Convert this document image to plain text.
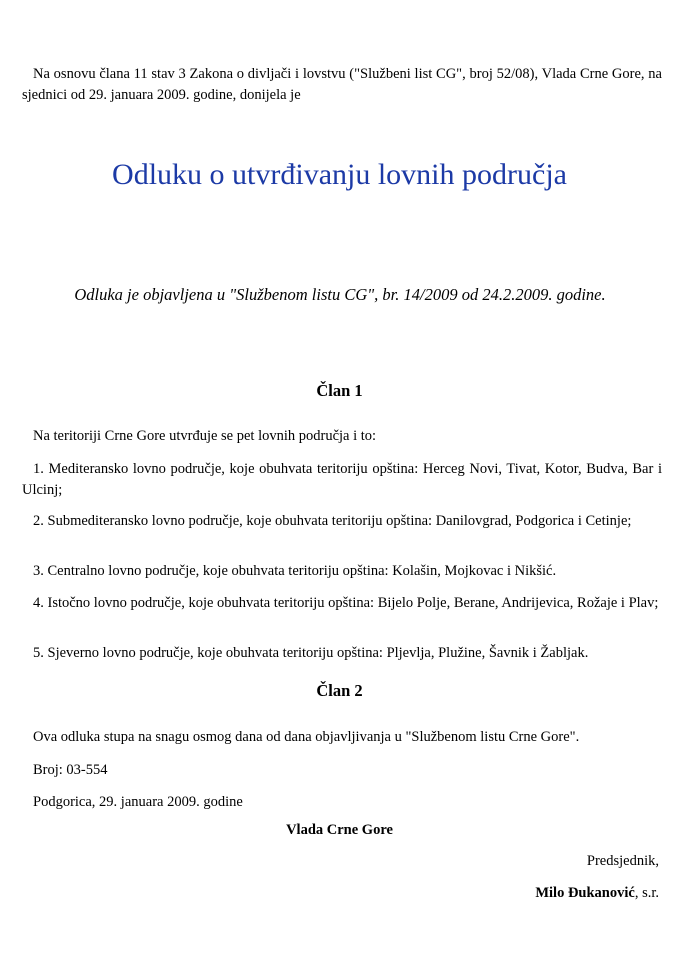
Na osnovu člana 11 stav 3 Zakona o divljači i lovstvu ("Službeni list CG", broj 52/08), Vlada Crne Gore, na sjednici od 29. januara 2009. godine, donijela je
Odluku o utvrđivanju lovnih područja
Odluka je objavljena u "Službenom listu CG", br. 14/2009 od 24.2.2009. godine.
Član 1
Na teritoriji Crne Gore utvrđuje se pet lovnih područja i to:
1. Mediteransko lovno područje, koje obuhvata teritoriju opština: Herceg Novi, Tivat, Kotor, Budva, Bar i Ulcinj;
2. Submediteransko lovno područje, koje obuhvata teritoriju opština: Danilovgrad, Podgorica i Cetinje;
3. Centralno lovno područje, koje obuhvata teritoriju opština: Kolašin, Mojkovac i Nikšić.
4. Istočno lovno područje, koje obuhvata teritoriju opština: Bijelo Polje, Berane, Andrijevica, Rožaje i Plav;
5. Sjeverno lovno područje, koje obuhvata teritoriju opština: Pljevlja, Plužine, Šavnik i Žabljak.
Član 2
Ova odluka stupa na snagu osmog dana od dana objavljivanja u "Službenom listu Crne Gore".
Broj: 03-554
Podgorica, 29. januara 2009. godine
Vlada Crne Gore
Predsjednik,
Milo Đukanović, s.r.
